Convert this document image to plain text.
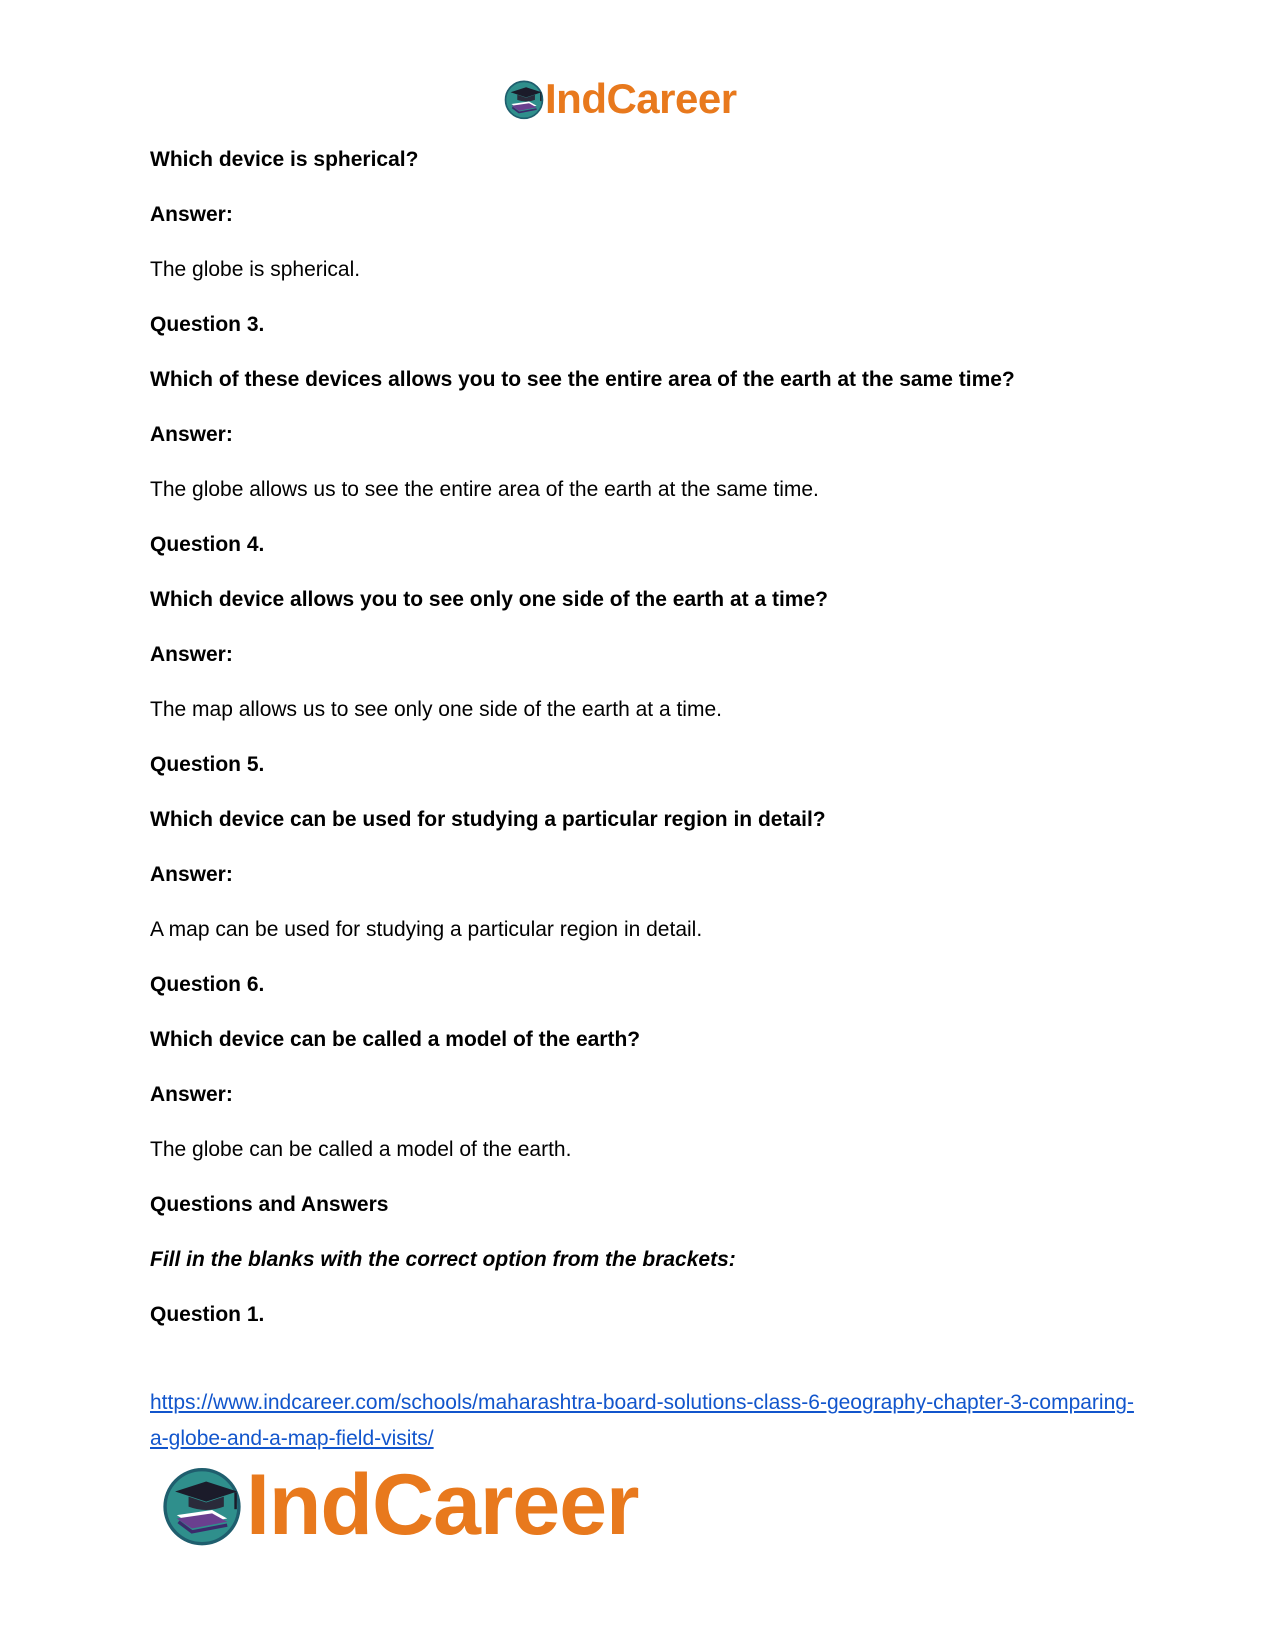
IndCareer

Which device is spherical?

Answer:

The globe is spherical.

Question 3.

Which of these devices allows you to see the entire area of the earth at the same time?

Answer:

The globe allows us to see the entire area of the earth at the same time.

Question 4.

Which device allows you to see only one side of the earth at a time?

Answer:

The map allows us to see only one side of the earth at a time.

Question 5.

Which device can be used for studying a particular region in detail?

Answer:

A map can be used for studying a particular region in detail.

Question 6.

Which device can be called a model of the earth?

Answer:

The globe can be called a model of the earth.

Questions and Answers

Fill in the blanks with the correct option from the brackets:

Question 1.

https://www.indcareer.com/schools/maharashtra-board-solutions-class-6-geography-chapter-3-comparing-a-globe-and-a-map-field-visits/
IndCareer
